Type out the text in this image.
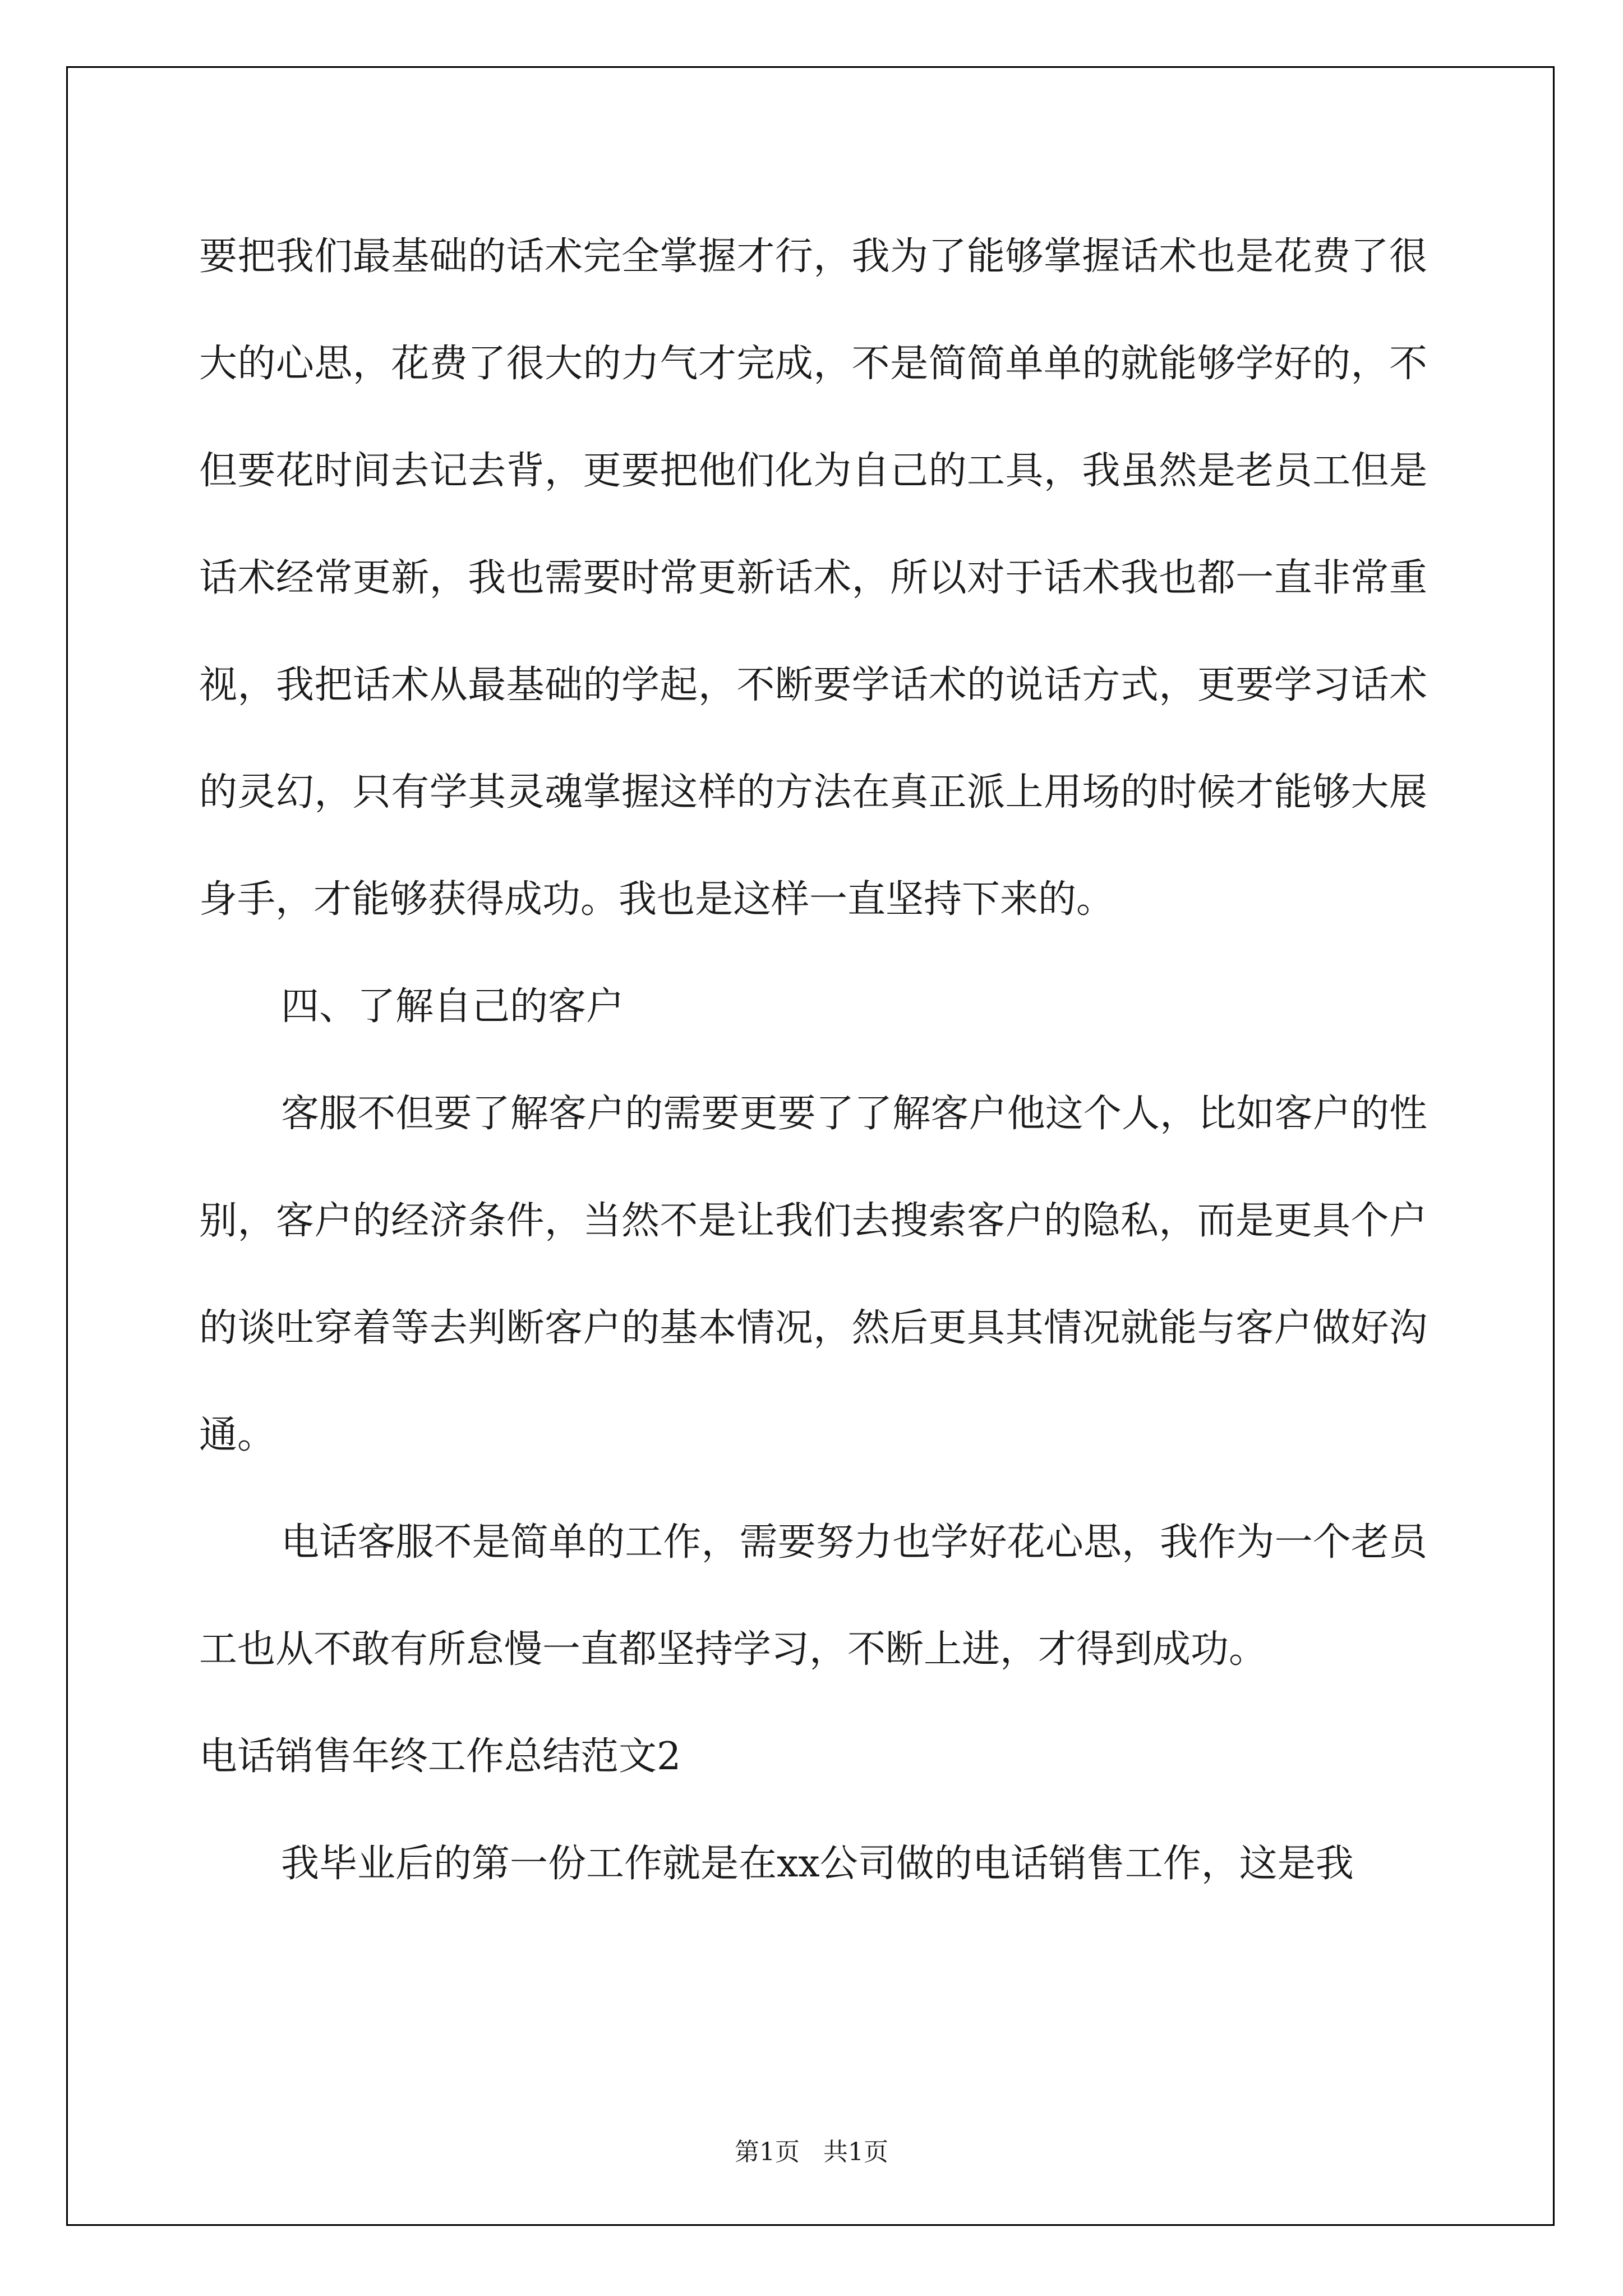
要把我们最基础的话术完全掌握才行，我为了能够掌握话术也是花费了很大的心思，花费了很大的力气才完成，不是简简单单的就能够学好的，不但要花时间去记去背，更要把他们化为自己的工具，我虽然是老员工但是话术经常更新，我也需要时常更新话术，所以对于话术我也都一直非常重视，我把话术从最基础的学起，不断要学话术的说话方式，更要学习话术的灵幻，只有学其灵魂掌握这样的方法在真正派上用场的时候才能够大展身手，才能够获得成功。我也是这样一直坚持下来的。

四、了解自己的客户

客服不但要了解客户的需要更要了了解客户他这个人，比如客户的性别，客户的经济条件，当然不是让我们去搜索客户的隐私，而是更具个户的谈吐穿着等去判断客户的基本情况，然后更具其情况就能与客户做好沟通。

电话客服不是简单的工作，需要努力也学好花心思，我作为一个老员工也从不敢有所怠慢一直都坚持学习，不断上进，才得到成功。

电话销售年终工作总结范文2

我毕业后的第一份工作就是在xx公司做的电话销售工作，这是我

第1页 共1页
